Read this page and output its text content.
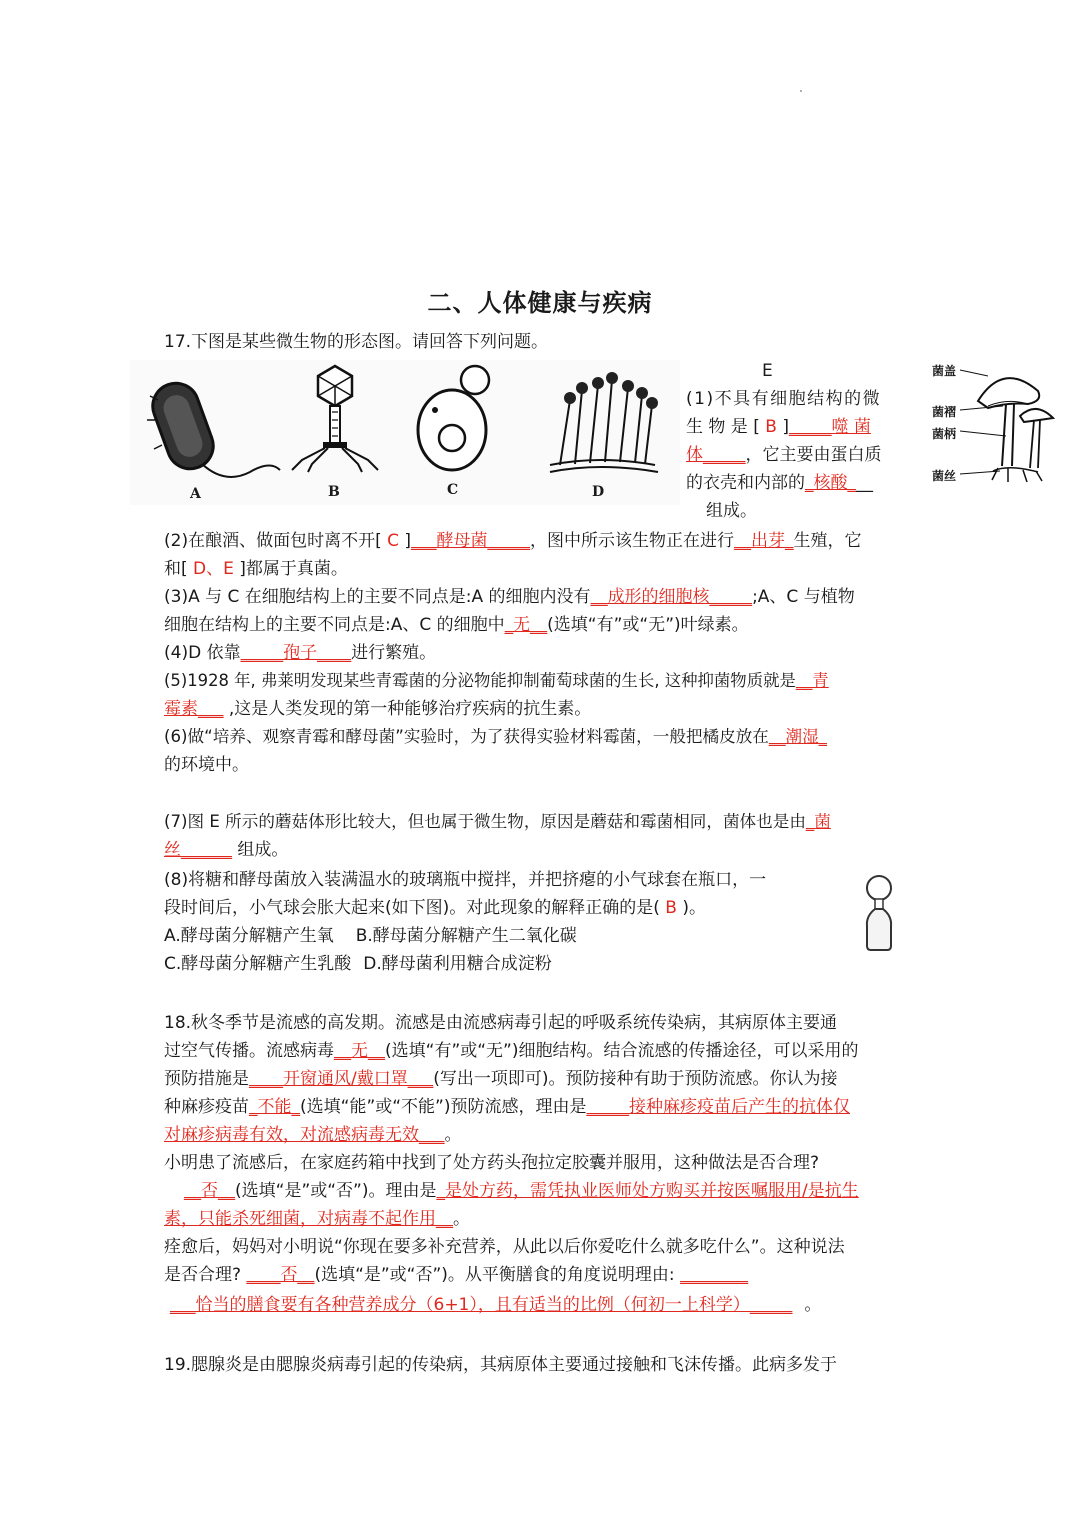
二、人体健康与疾病
17.下图是某些微生物的形态图。请回答下列问题。
A	B	C	D
E	菌盖
菌褶
菌柄
菌丝
(1)不具有细胞结构的微
生 物 是 [ B ]_____噬 菌
体_____，它主要由蛋白质
的衣壳和内部的_核酸___
组成。
(2)在酿酒、做面包时离不开[ C ]___酵母菌_____，图中所示该生物正在进行__出芽_生殖，它
和[ D、E ]都属于真菌。
(3)A 与 C 在细胞结构上的主要不同点是:A 的细胞内没有__成形的细胞核_____;A、C 与植物
细胞在结构上的主要不同点是:A、C 的细胞中_无__(选填“有”或“无”)叶绿素。
(4)D 依靠_____孢子____进行繁殖。
(5)1928 年, 弗莱明发现某些青霉菌的分泌物能抑制葡萄球菌的生长, 这种抑菌物质就是__青
霉素___ ,这是人类发现的第一种能够治疗疾病的抗生素。
(6)做“培养、观察青霉和酵母菌”实验时，为了获得实验材料霉菌，一般把橘皮放在__潮湿_
的环境中。
(7)图 E 所示的蘑菇体形比较大，但也属于微生物，原因是蘑菇和霉菌相同，菌体也是由_菌
丝______ 组成。
(8)将糖和酵母菌放入装满温水的玻璃瓶中搅拌，并把挤瘪的小气球套在瓶口，一
段时间后，小气球会胀大起来(如下图)。对此现象的解释正确的是( B )。
A.酵母菌分解糖产生氧 B.酵母菌分解糖产生二氧化碳
C.酵母菌分解糖产生乳酸 D.酵母菌利用糖合成淀粉
18.秋冬季节是流感的高发期。流感是由流感病毒引起的呼吸系统传染病，其病原体主要通
过空气传播。流感病毒__无__(选填“有”或“无”)细胞结构。结合流感的传播途径，可以采用的
预防措施是____开窗通风/戴口罩___(写出一项即可)。预防接种有助于预防流感。你认为接
种麻疹疫苗_不能_(选填“能”或“不能”)预防流感，理由是_____接种麻疹疫苗后产生的抗体仅
对麻疹病毒有效，对流感病毒无效___。
小明患了流感后，在家庭药箱中找到了处方药头孢拉定胶囊并服用，这种做法是否合理?
__否__(选填“是”或“否”)。理由是_是处方药，需凭执业医师处方购买并按医嘱服用/是抗生
素，只能杀死细菌，对病毒不起作用__。
痊愈后，妈妈对小明说“你现在要多补充营养，从此以后你爱吃什么就多吃什么”。这种说法
是否合理? ____否__(选填“是”或“否”)。从平衡膳食的角度说明理由: ________
___恰当的膳食要有各种营养成分（6+1），且有适当的比例（何初一上科学）_____ 。
19.腮腺炎是由腮腺炎病毒引起的传染病，其病原体主要通过接触和飞沫传播。此病多发于
